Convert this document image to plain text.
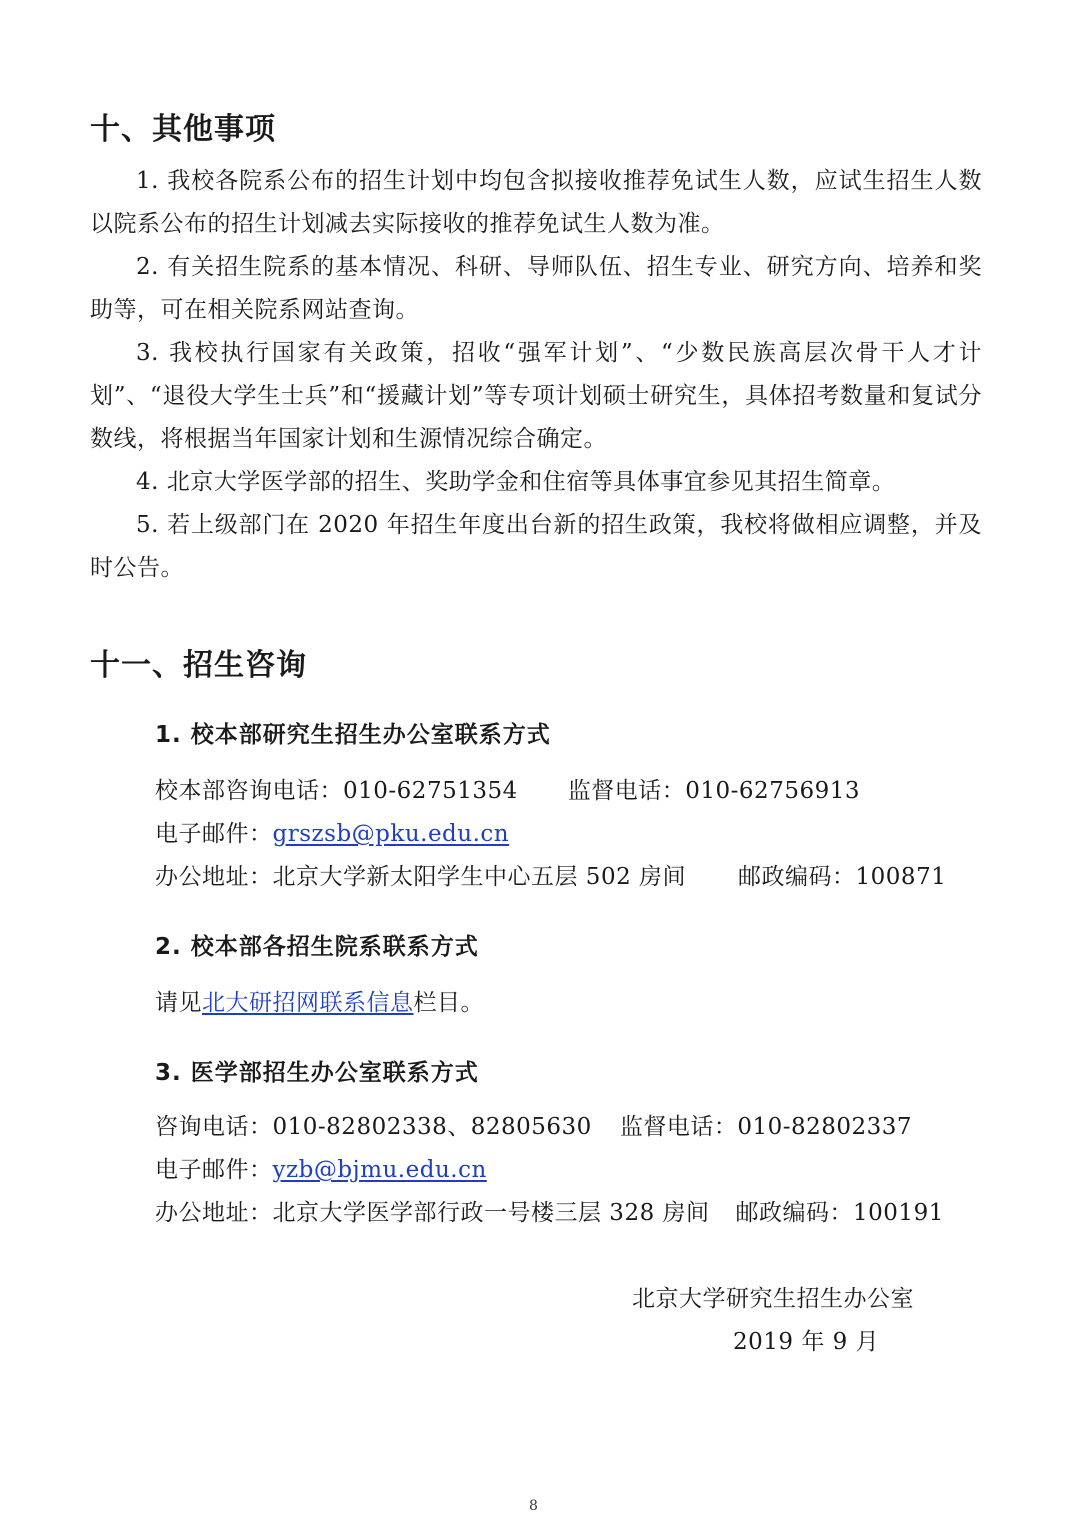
十、其他事项
1. 我校各院系公布的招生计划中均包含拟接收推荐免试生人数，应试生招生人数以院系公布的招生计划减去实际接收的推荐免试生人数为准。
2. 有关招生院系的基本情况、科研、导师队伍、招生专业、研究方向、培养和奖助等，可在相关院系网站查询。
3. 我校执行国家有关政策，招收“强军计划”、“少数民族高层次骨干人才计划”、“退役大学生士兵”和“援藏计划”等专项计划硕士研究生，具体招考数量和复试分数线，将根据当年国家计划和生源情况综合确定。
4. 北京大学医学部的招生、奖助学金和住宿等具体事宜参见其招生简章。
5. 若上级部门在 2020 年招生年度出台新的招生政策，我校将做相应调整，并及时公告。
十一、招生咨询
1. 校本部研究生招生办公室联系方式
校本部咨询电话：010-62751354 监督电话：010-62756913
电子邮件：grszsb@pku.edu.cn
办公地址：北京大学新太阳学生中心五层 502 房间 邮政编码：100871
2. 校本部各招生院系联系方式
请见北大研招网联系信息栏目。
3. 医学部招生办公室联系方式
咨询电话：010-82802338、82805630 监督电话：010-82802337
电子邮件：yzb@bjmu.edu.cn
办公地址：北京大学医学部行政一号楼三层 328 房间 邮政编码：100191
北京大学研究生招生办公室
2019 年 9 月
8
